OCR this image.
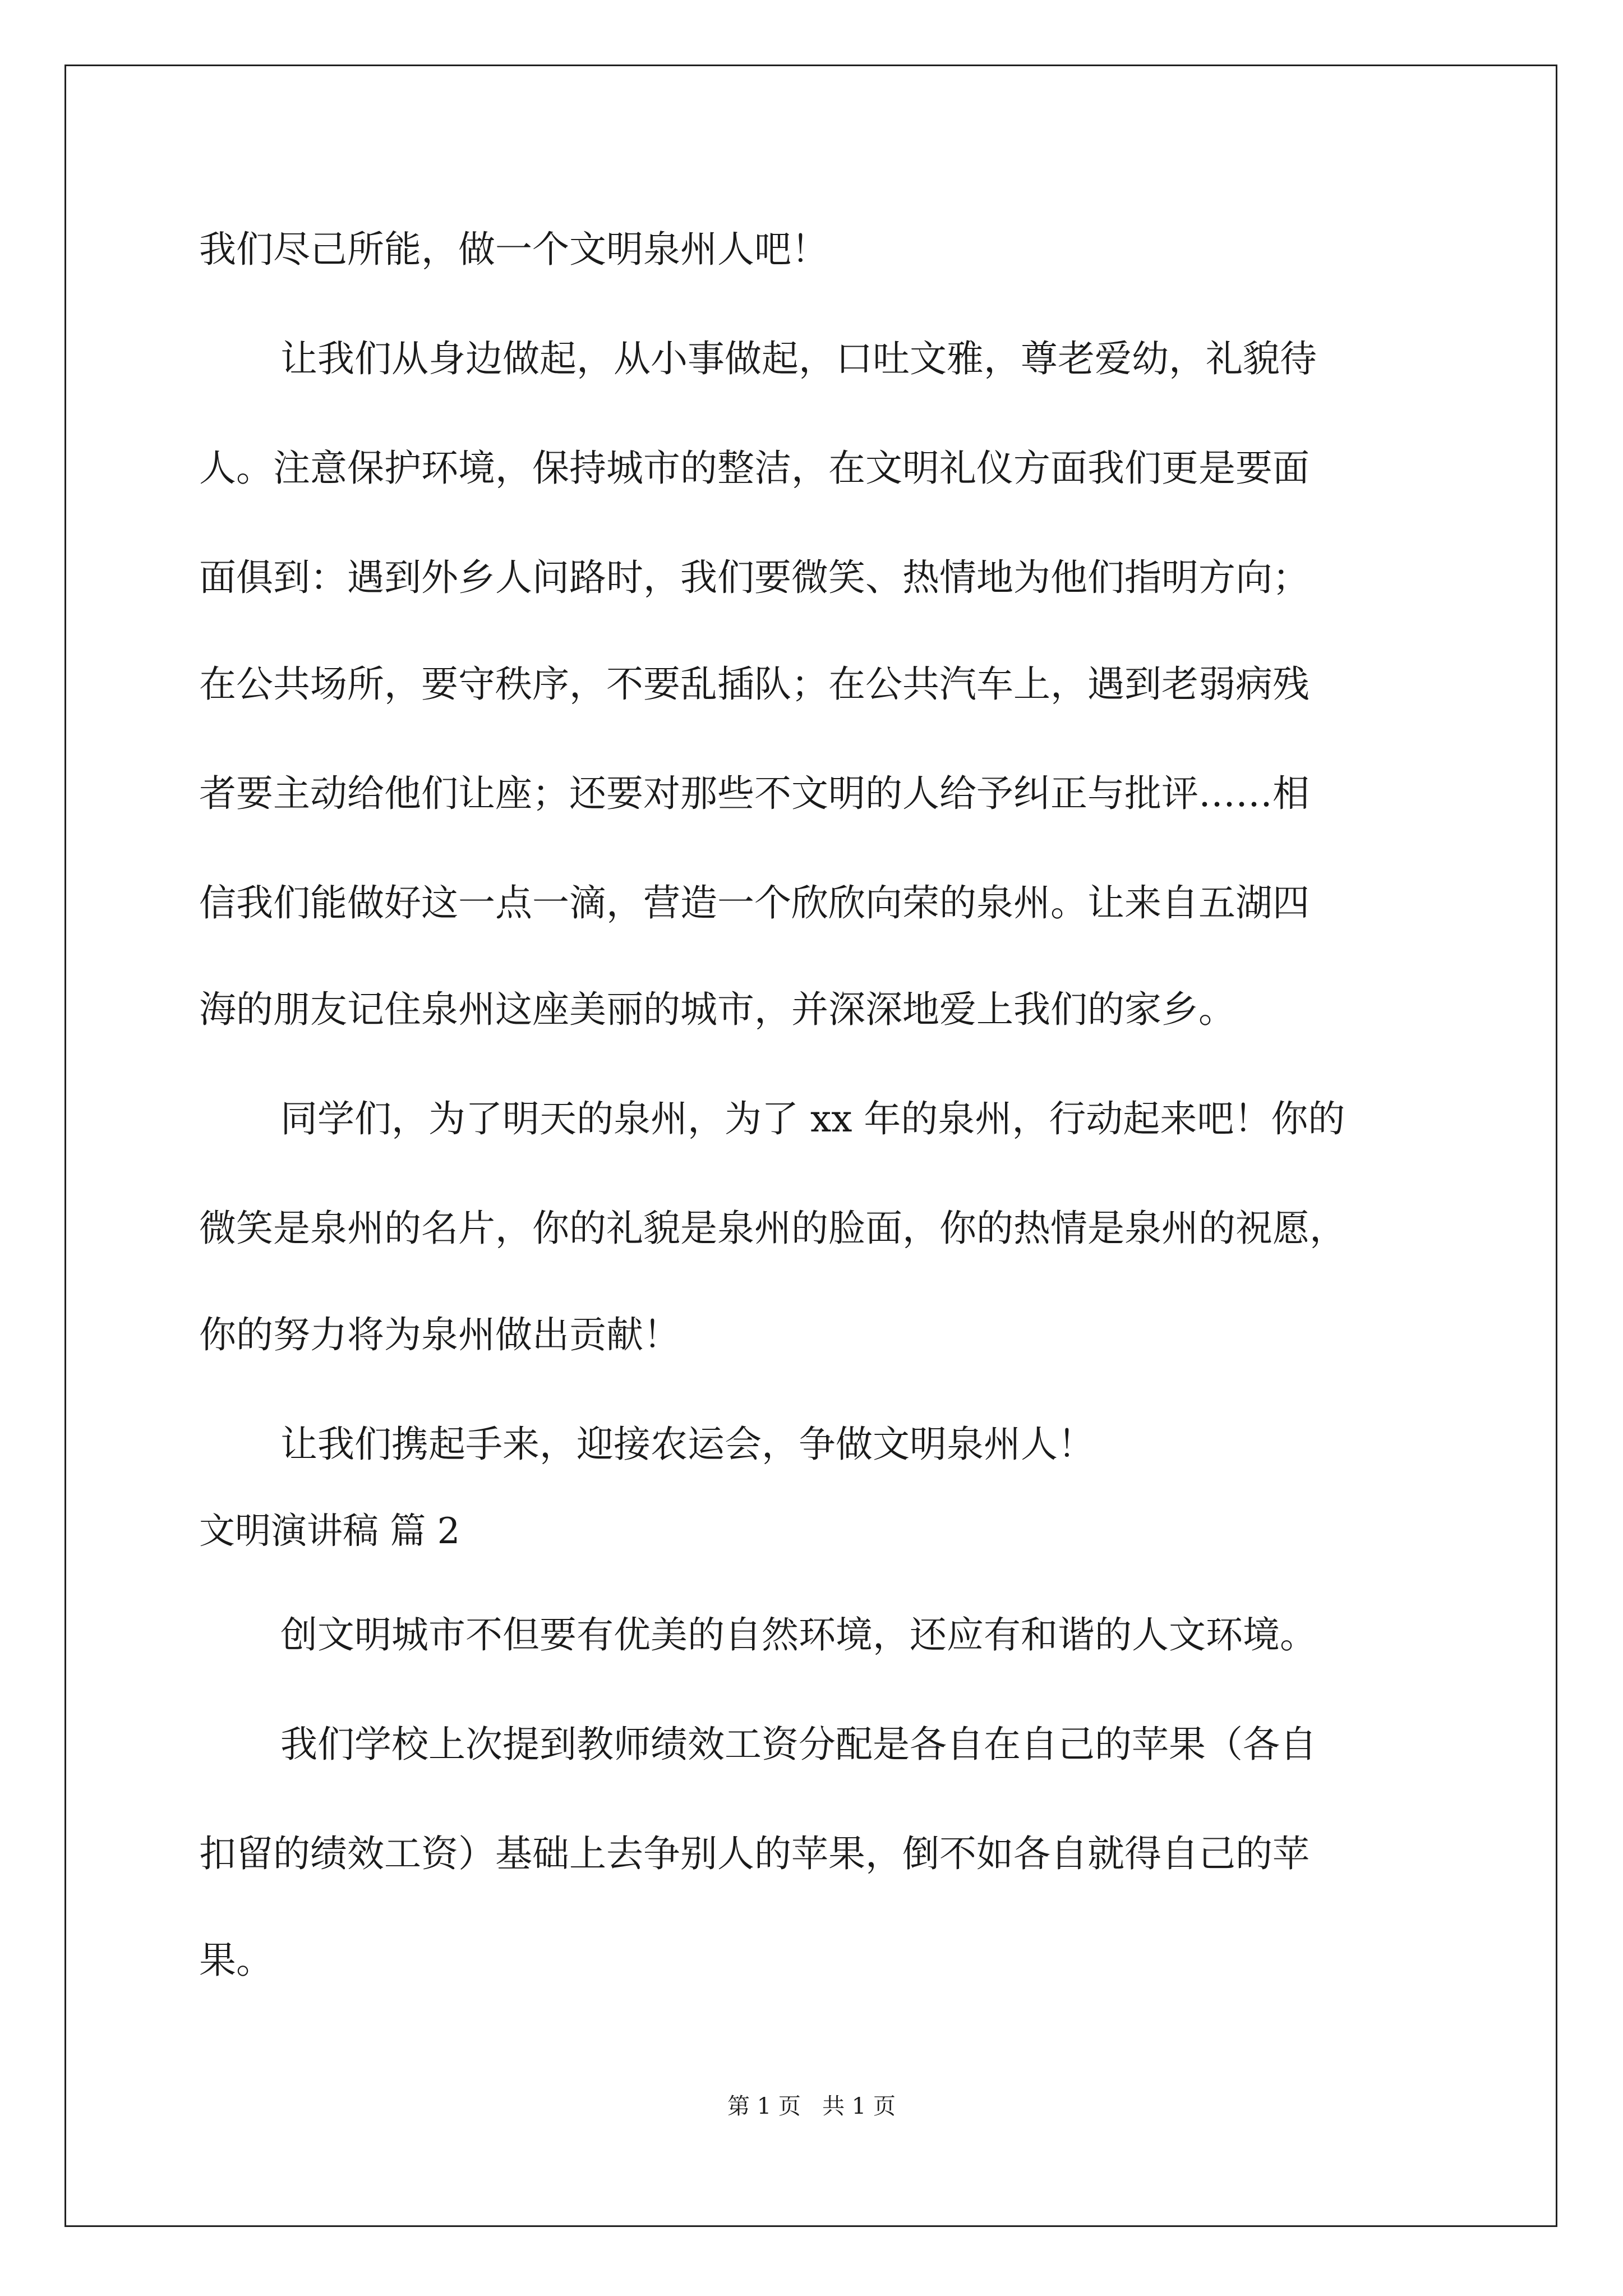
我们尽己所能，做一个文明泉州人吧！

让我们从身边做起，从小事做起，口吐文雅，尊老爱幼，礼貌待

人。注意保护环境，保持城市的整洁，在文明礼仪方面我们更是要面

面俱到：遇到外乡人问路时，我们要微笑、热情地为他们指明方向；

在公共场所，要守秩序，不要乱插队；在公共汽车上，遇到老弱病残

者要主动给他们让座；还要对那些不文明的人给予纠正与批评……相

信我们能做好这一点一滴，营造一个欣欣向荣的泉州。让来自五湖四

海的朋友记住泉州这座美丽的城市，并深深地爱上我们的家乡。

同学们，为了明天的泉州，为了 xx 年的泉州，行动起来吧！你的

微笑是泉州的名片，你的礼貌是泉州的脸面，你的热情是泉州的祝愿，

你的努力将为泉州做出贡献！

让我们携起手来，迎接农运会，争做文明泉州人！

文明演讲稿 篇 2

创文明城市不但要有优美的自然环境，还应有和谐的人文环境。

我们学校上次提到教师绩效工资分配是各自在自己的苹果（各自

扣留的绩效工资）基础上去争别人的苹果，倒不如各自就得自己的苹

果。

第 1 页   共 1 页
